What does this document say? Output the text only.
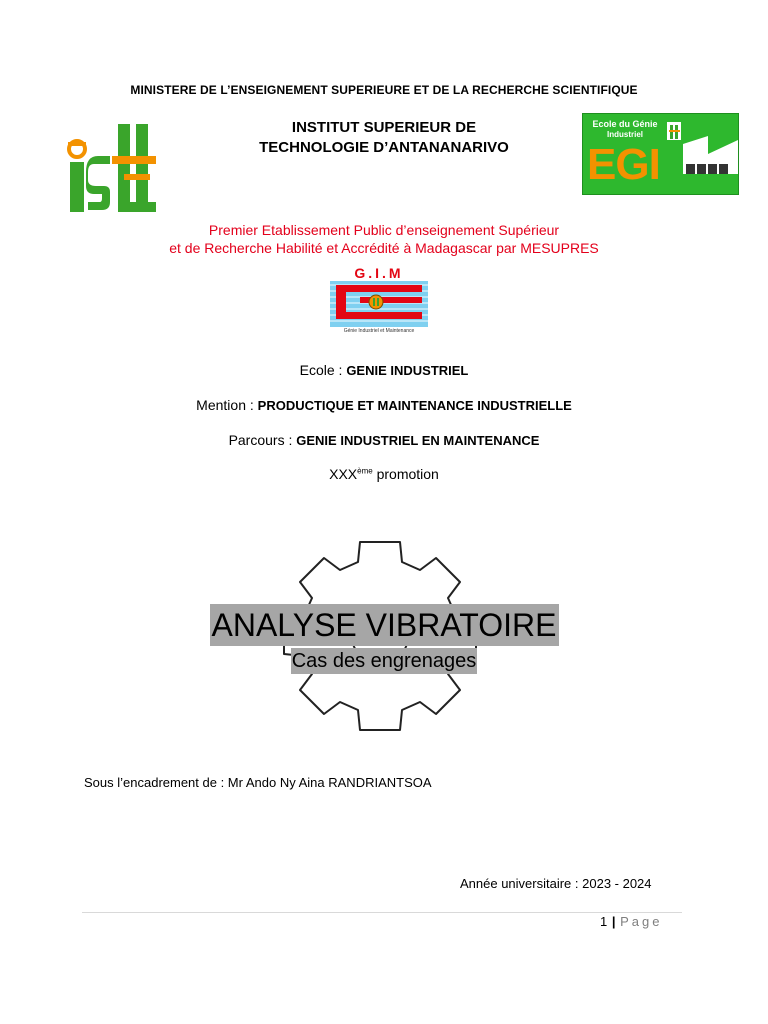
MINISTERE DE L’ENSEIGNEMENT SUPERIEURE ET DE LA RECHERCHE SCIENTIFIQUE
INSTITUT SUPERIEUR DE
TECHNOLOGIE D’ANTANANARIVO
Ecole du Génie
Industriel
EGI
Premier Etablissement Public d’enseignement Supérieur
et de Recherche Habilité et Accrédité à Madagascar par MESUPRES
G.I.M
Génie Industriel et Maintenance
Ecole : GENIE INDUSTRIEL
Mention : PRODUCTIQUE ET MAINTENANCE INDUSTRIELLE
Parcours : GENIE INDUSTRIEL EN MAINTENANCE
XXXème promotion
ANALYSE VIBRATOIRE
Cas des engrenages
Sous l’encadrement de : Mr Ando Ny Aina RANDRIANTSOA
Année universitaire : 2023 - 2024
1 | Page
